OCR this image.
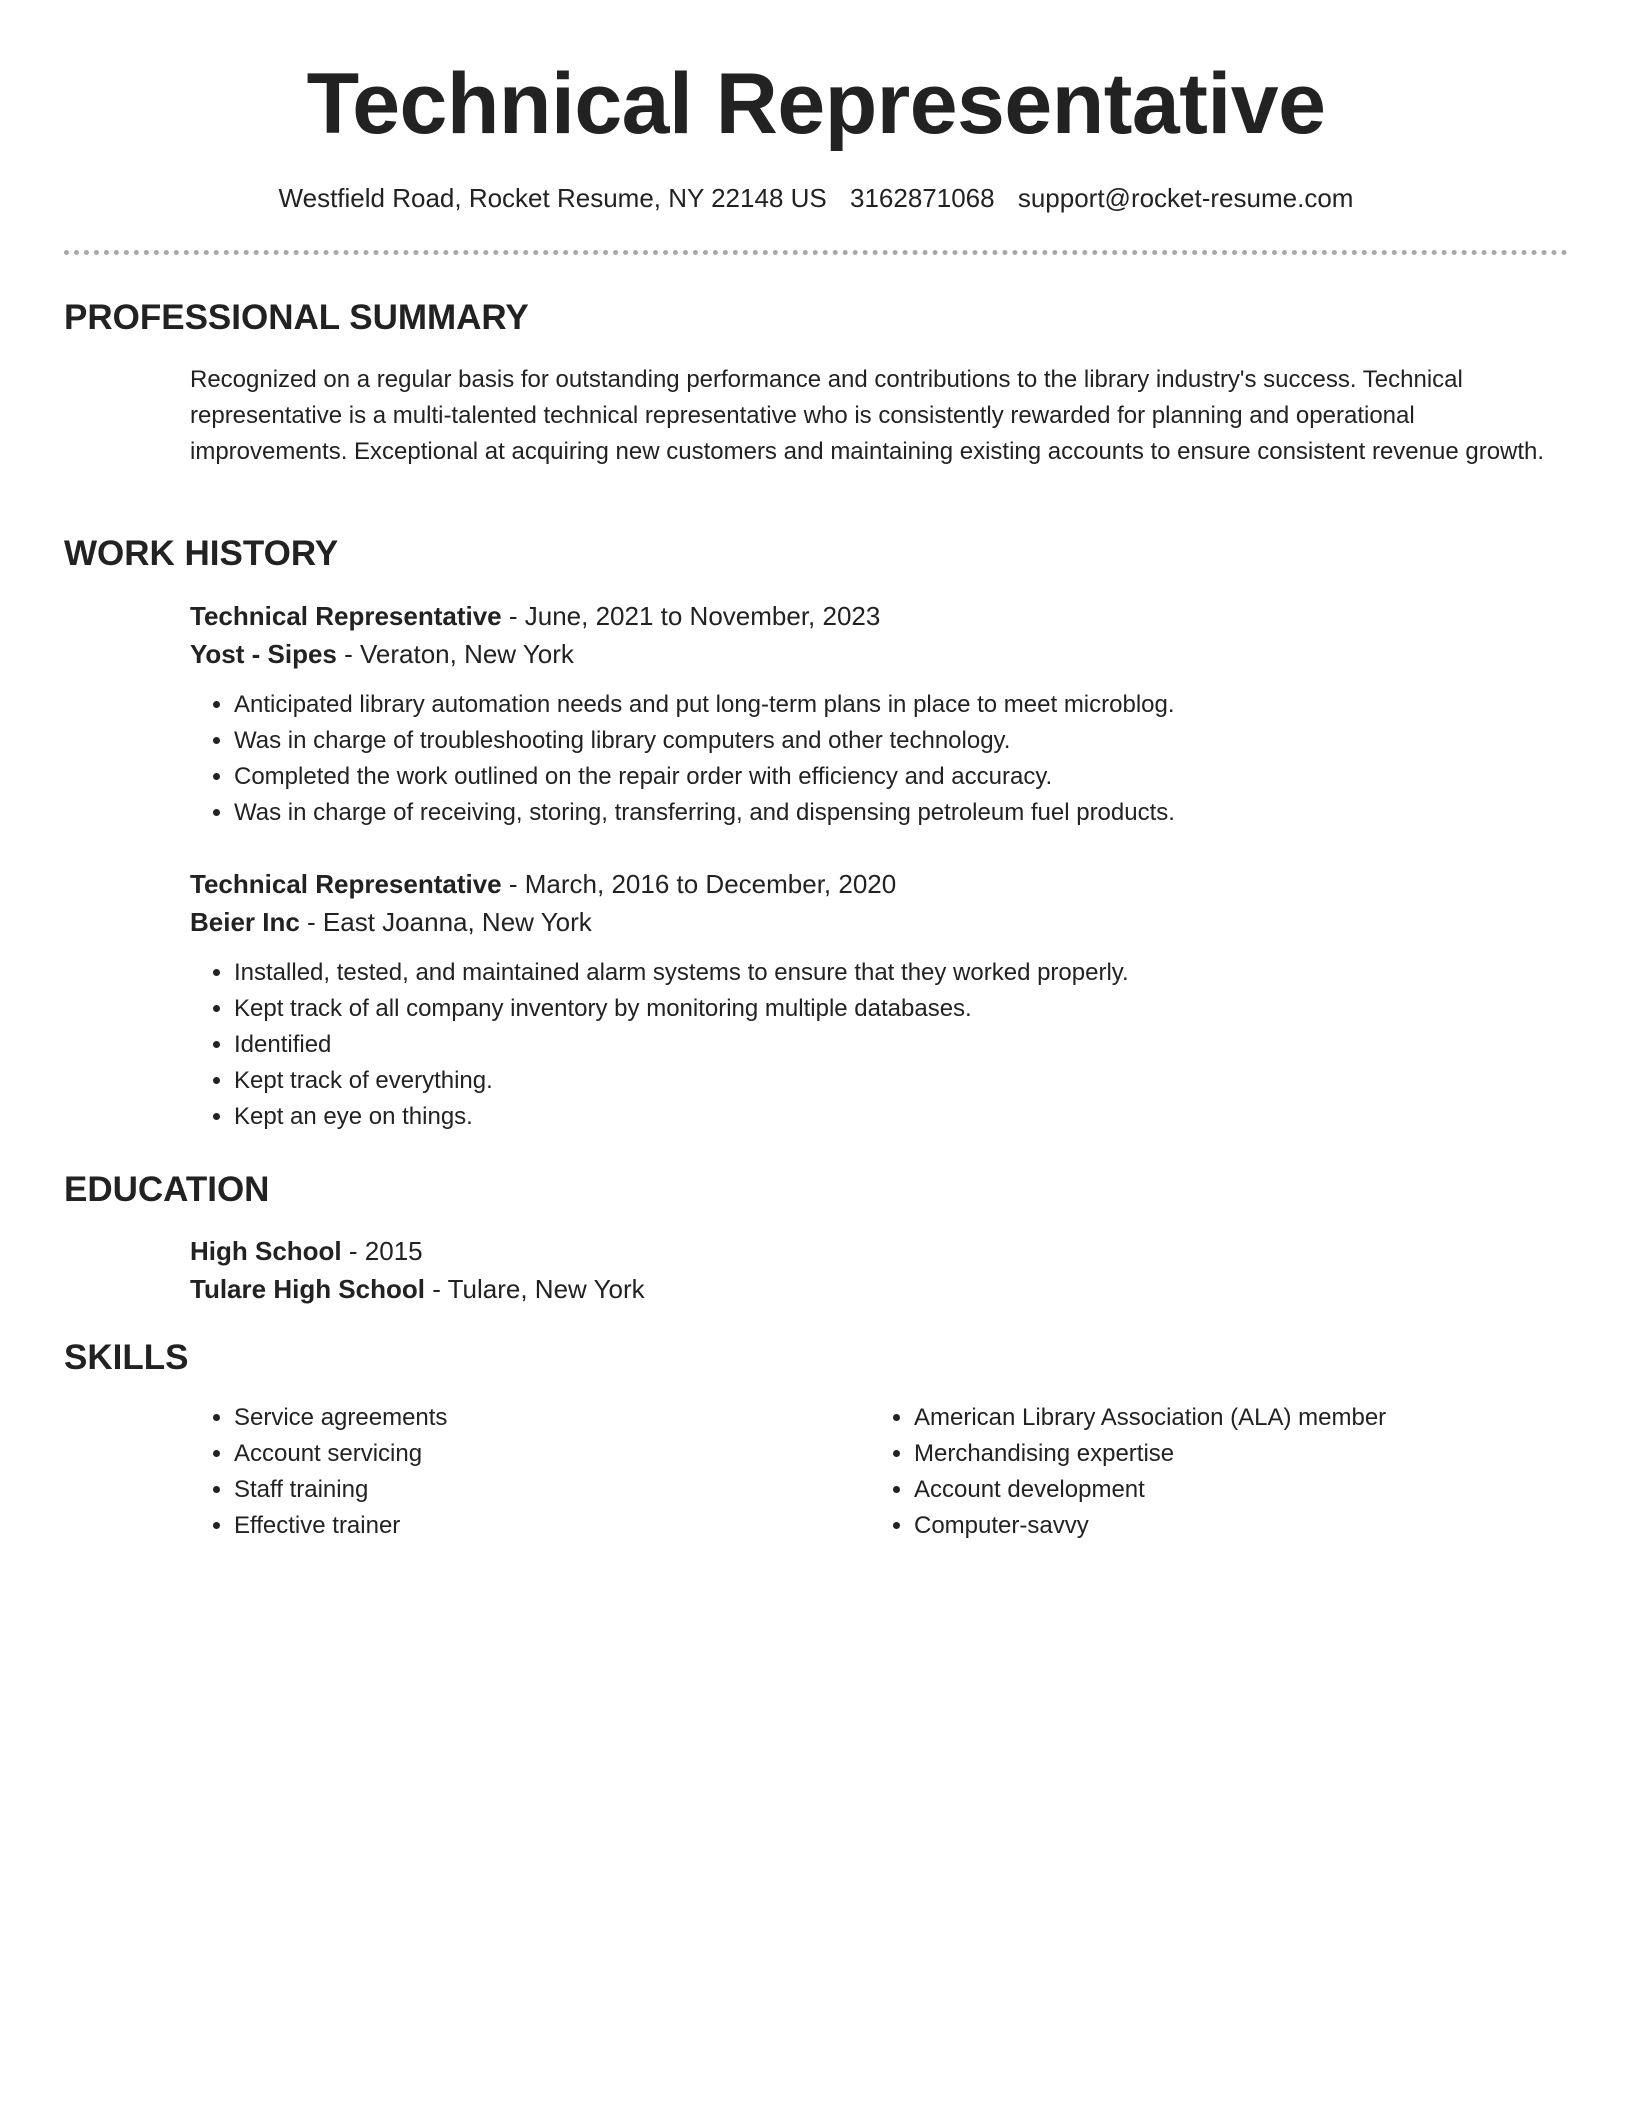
Technical Representative
Westfield Road, Rocket Resume, NY 22148 US 3162871068 support@rocket-resume.com
PROFESSIONAL SUMMARY

Recognized on a regular basis for outstanding performance and contributions to the library industry's success. Technical representative is a multi-talented technical representative who is consistently rewarded for planning and operational improvements. Exceptional at acquiring new customers and maintaining existing accounts to ensure consistent revenue growth.

WORK HISTORY

Technical Representative - June, 2021 to November, 2023

Yost - Sipes - Veraton, New York

• Anticipated library automation needs and put long-term plans in place to meet microblog.
• Was in charge of troubleshooting library computers and other technology.
• Completed the work outlined on the repair order with efficiency and accuracy.
• Was in charge of receiving, storing, transferring, and dispensing petroleum fuel products.

Technical Representative - March, 2016 to December, 2020

Beier Inc - East Joanna, New York

• Installed, tested, and maintained alarm systems to ensure that they worked properly.
• Kept track of all company inventory by monitoring multiple databases.
• Identified
• Kept track of everything.
• Kept an eye on things.
EDUCATION

High School - 2015

Tulare High School - Tulare, New York

SKILLS
• Service agreements
• Account servicing
• Staff training
• Effective trainer
• American Library Association (ALA) member
• Merchandising expertise
• Account development
• Computer-savvy
